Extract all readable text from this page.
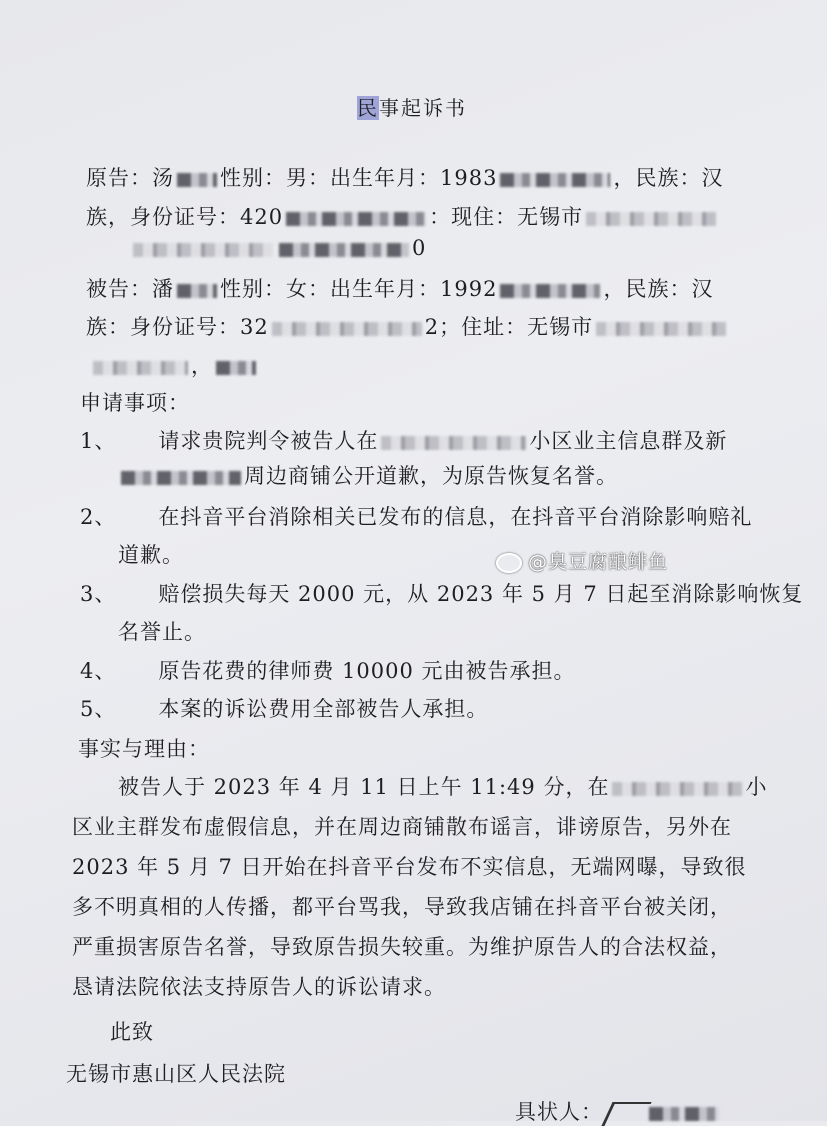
民事起诉书
原告：汤 性别：男：出生年月：1983	，民族：汉
族，身份证号：420	：现住：无锡市
0
被告：潘 性别：女：出生年月：1992	，民族：汉
族：身份证号：32	2；住址：无锡市
，
申请事项：
1、 请求贵院判令被告人在	小区业主信息群及新
周边商铺公开道歉，为原告恢复名誉。
2、 在抖音平台消除相关已发布的信息，在抖音平台消除影响赔礼
道歉。
3、 赔偿损失每天 2000 元，从 2023 年 5 月 7 日起至消除影响恢复
名誉止。
4、 原告花费的律师费 10000 元由被告承担。
5、 本案的诉讼费用全部被告人承担。
事实与理由：
被告人于 2023 年 4 月 11 日上午 11:49 分，在	小
区业主群发布虚假信息，并在周边商铺散布谣言，诽谤原告，另外在
2023 年 5 月 7 日开始在抖音平台发布不实信息，无端网曝，导致很
多不明真相的人传播，都平台骂我，导致我店铺在抖音平台被关闭，
严重损害原告名誉，导致原告损失较重。为维护原告人的合法权益，
恳请法院依法支持原告人的诉讼请求。
此致
无锡市惠山区人民法院
具状人：
@臭豆腐酿鲱鱼
